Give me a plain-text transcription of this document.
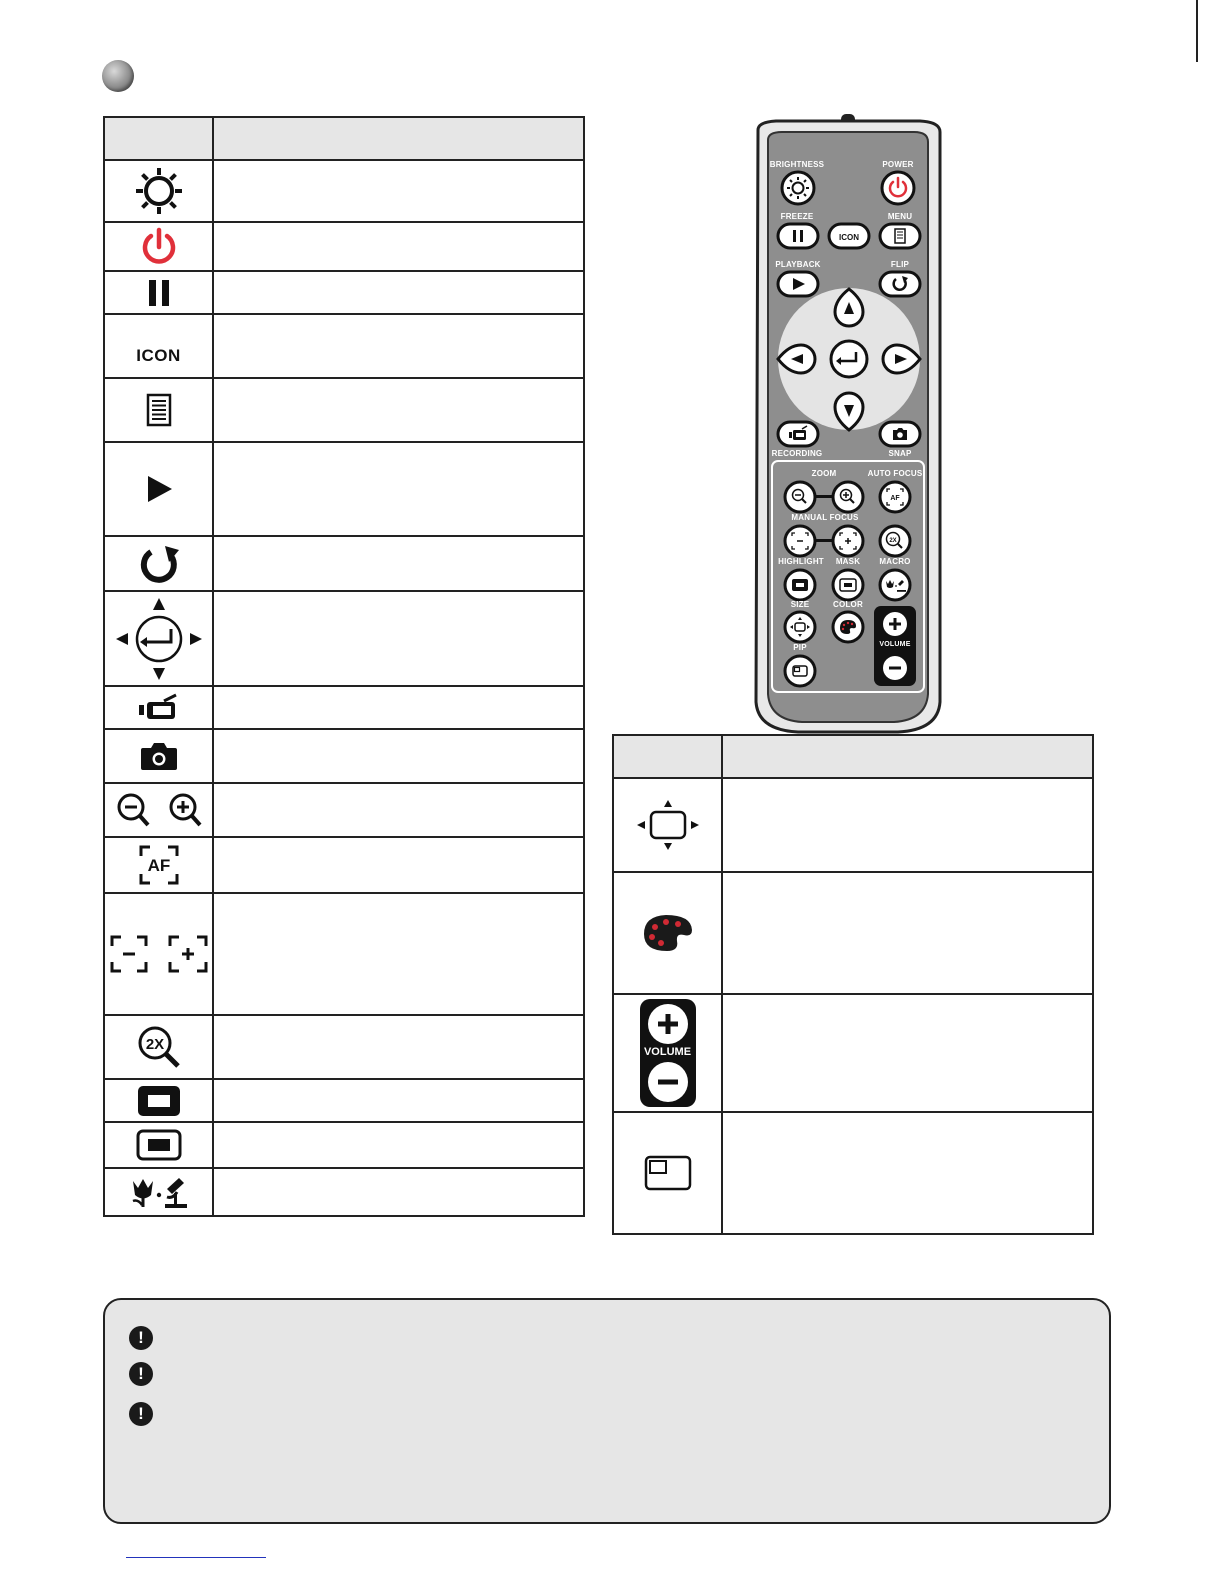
ICON	

AF	

2X	

ICON
AF
2X
BRIGHTNESS	POWER
FREEZE	MENU
PLAYBACK	FLIP
RECORDING	SNAP
ZOOM	AUTO FOCUS
MANUAL FOCUS
HIGHLIGHT MASK MACRO
SIZE	COLOR
VOLUME
PIP

VOLUME	

!
!
!
